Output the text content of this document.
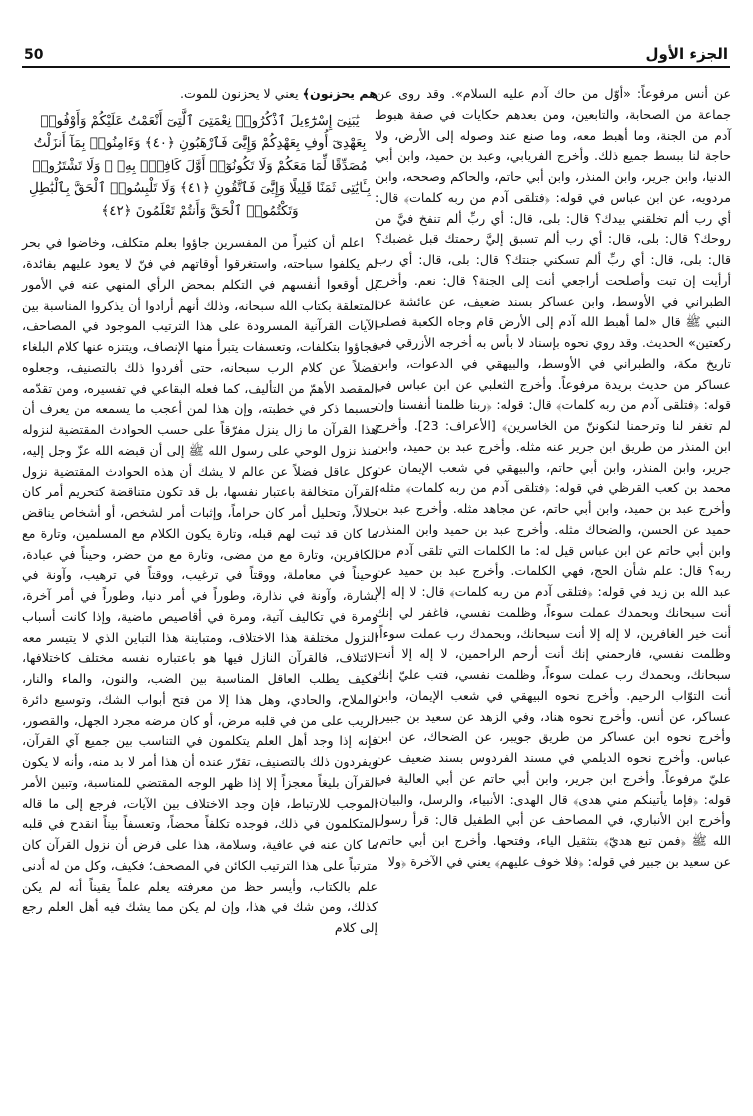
50	الجزء الأول

عن أنس مرفوعاً: «أوّل من حاك آدم عليه السلام». وقد روى عن جماعة من الصحابة، والتابعين، ومن بعدهم حكايات في صفة هبوط آدم من الجنة، وما أهبط معه، وما صنع عند وصوله إلى الأرض، ولا حاجة لنا ببسط جميع ذلك. وأخرج الفريابي، وعبد بن حميد، وابن أبي الدنيا، وابن جرير، وابن المنذر، وابن أبي حاتم، والحاكم وصححه، وابن مردويه، عن ابن عباس في قوله: ﴿فتلقى آدم من ربه كلمات﴾ قال: أي رب ألم تخلقني بيدك؟ قال: بلى، قال: أي ربِّ ألم تنفخ فيَّ من روحك؟ قال: بلى، قال: أي رب ألم تسبق إليَّ رحمتك قبل غضبك؟ قال: بلى، قال: أي ربِّ ألم تسكني جنتك؟ قال: بلى، قال: أي رب أرأيت إن تبت وأصلحت أراجعي أنت إلى الجنة؟ قال: نعم. وأخرج الطبراني في الأوسط، وابن عساكر بسند ضعيف، عن عائشة عن النبي ﷺ قال «لما أهبط الله آدم إلى الأرض قام وجاه الكعبة فصلى ركعتين» الحديث. وقد روي نحوه بإسناد لا بأس به أخرجه الأزرقي في تاريخ مكة، والطبراني في الأوسط، والبيهقي في الدعوات، وابن عساكر من حديث بريدة مرفوعاً. وأخرج الثعلبي عن ابن عباس في قوله: ﴿فتلقى آدم من ربه كلمات﴾ قال: قوله: ﴿ربنا ظلمنا أنفسنا وإن لم تغفر لنا وترحمنا لنكوننّ من الخاسرين﴾ [الأعراف: 23]. وأخرج ابن المنذر من طريق ابن جرير عنه مثله. وأخرج عبد بن حميد، وابن جرير، وابن المنذر، وابن أبي حاتم، والبيهقي في شعب الإيمان عن محمد بن كعب القرظي في قوله: ﴿فتلقى آدم من ربه كلمات﴾ مثله: وأخرج عبد بن حميد، وابن أبي حاتم، عن مجاهد مثله. وأخرج عبد بن حميد عن الحسن، والضحاك مثله. وأخرج عبد بن حميد وابن المنذر، وابن أبي حاتم عن ابن عباس قيل له: ما الكلمات التي تلقى آدم من ربه؟ قال: علم شأن الحج، فهي الكلمات. وأخرج عبد بن حميد عن عبد الله بن زيد في قوله: ﴿فتلقى آدم من ربه كلمات﴾ قال: لا إله إلا أنت سبحانك وبحمدك عملت سوءاً، وظلمت نفسي، فاغفر لي إنك أنت خير الغافرين، لا إله إلا أنت سبحانك، وبحمدك رب عملت سوءاً، وظلمت نفسي، فارحمني إنك أنت أرحم الراحمين، لا إله إلا أنت سبحانك، وبحمدك رب عملت سوءاً، وظلمت نفسي، فتب عليّ إنك أنت التوّاب الرحيم. وأخرج نحوه البيهقي في شعب الإيمان، وابن عساكر، عن أنس. وأخرج نحوه هناد، وفي الزهد عن سعيد بن جبير. وأخرج نحوه ابن عساكر من طريق جويبر، عن الضحاك، عن ابن عباس. وأخرج نحوه الديلمي في مسند الفردوس بسند ضعيف عن عليّ مرفوعاً. وأخرج ابن جرير، وابن أبي حاتم عن أبي العالية في قوله: ﴿فإما يأتينكم مني هدى﴾ قال الهدى: الأنبياء، والرسل، والبيان. وأخرج ابن الأنباري، في المصاحف عن أبي الطفيل قال: قرأ رسول الله ﷺ ﴿فمن تبع هديّ﴾ بتثقيل الياء، وفتحها. وأخرج ابن أبي حاتم، عن سعيد بن جبير في قوله: ﴿فلا خوف عليهم﴾ يعني في الآخرة ﴿ولا

هم يحزنون﴾ يعني لا يحزنون للموت.

يَٰبَنِىٓ إِسْرَٰٓءِيلَ ٱذْكُرُوا۟ نِعْمَتِىَ ٱلَّتِىٓ أَنْعَمْتُ عَلَيْكُمْ وَأَوْفُوا۟ بِعَهْدِىٓ أُوفِ بِعَهْدِكُمْ وَإِيَّٰىَ فَٱرْهَبُونِ ﴿٤٠﴾ وَءَامِنُوا۟ بِمَآ أَنزَلْتُ مُصَدِّقًا لِّمَا مَعَكُمْ وَلَا تَكُونُوٓا۟ أَوَّلَ كَافِرٍۭ بِهِۦ ۖ وَلَا تَشْتَرُوا۟ بِـَٔايَٰتِى ثَمَنًا قَلِيلًا وَإِيَّٰىَ فَٱتَّقُونِ ﴿٤١﴾ وَلَا تَلْبِسُوا۟ ٱلْحَقَّ بِٱلْبَٰطِلِ وَتَكْتُمُوا۟ ٱلْحَقَّ وَأَنتُمْ تَعْلَمُونَ ﴿٤٢﴾

اعلم أن كثيراً من المفسرين جاؤوا بعلم متكلف، وخاضوا في بحر لم يكلفوا سباحته، واستغرقوا أوقاتهم في فنّ لا يعود عليهم بفائدة، بل أوقعوا أنفسهم في التكلم بمحض الرأي المنهي عنه في الأمور المتعلقة بكتاب الله سبحانه، وذلك أنهم أرادوا أن يذكروا المناسبة بين الآيات القرآنية المسرودة على هذا الترتيب الموجود في المصاحف، فجاؤوا بتكلفات، وتعسفات يتبرأ منها الإنصاف، ويتنزه عنها كلام البلغاء فضلاً عن كلام الرب سبحانه، حتى أفردوا ذلك بالتصنيف، وجعلوه المقصد الأهمّ من التأليف، كما فعله البقاعي في تفسيره، ومن تقدّمه حسبما ذكر في خطبته، وإن هذا لمن أعجب ما يسمعه من يعرف أن هذا القرآن ما زال ينزل مفرّقاً على حسب الحوادث المقتضية لنزوله منذ نزول الوحي على رسول الله ﷺ إلى أن قبضه الله عزّ وجل إليه، وكل عاقل فضلاً عن عالم لا يشك أن هذه الحوادث المقتضية نزول القرآن متخالفة باعتبار نفسها، بل قد تكون متناقضة كتحريم أمر كان حلالاً، وتحليل أمر كان حراماً، وإثبات أمر لشخص، أو أشخاص يناقض ما كان قد ثبت لهم قبله، وتارة يكون الكلام مع المسلمين، وتارة مع الكافرين، وتارة مع من مضى، وتارة مع من حضر، وحيناً في عبادة، وحيناً في معاملة، ووقتاً في ترغيب، ووقتاً في ترهيب، وآونة في بشارة، وآونة في نذارة، وطوراً في أمر دنيا، وطوراً في أمر آخرة، ومرة في تكاليف آتية، ومرة في أقاصيص ماضية، وإذا كانت أسباب النزول مختلفة هذا الاختلاف، ومتباينة هذا التباين الذي لا يتيسر معه الائتلاف، فالقرآن النازل فيها هو باعتباره نفسه مختلف كاختلافها، فكيف يطلب العاقل المناسبة بين الضب، والنون، والماء والنار، والملاح، والحادي، وهل هذا إلا من فتح أبواب الشك، وتوسيع دائرة الريب على من في قلبه مرض، أو كان مرضه مجرد الجهل، والقصور، فإنه إذا وجد أهل العلم يتكلمون في التناسب بين جميع آي القرآن، ويفردون ذلك بالتصنيف، تقرّر عنده أن هذا أمر لا بد منه، وأنه لا يكون القرآن بليغاً معجزاً إلا إذا ظهر الوجه المقتضي للمناسبة، وتبين الأمر الموجب للارتباط، فإن وجد الاختلاف بين الآيات، فرجع إلى ما قاله المتكلمون في ذلك، فوجده تكلفاً محضاً، وتعسفاً بيناً انقدح في قلبه ما كان عنه في عافية، وسلامة، هذا على فرض أن نزول القرآن كان مترتباً على هذا الترتيب الكائن في المصحف؛ فكيف، وكل من له أدنى علم بالكتاب، وأيسر حظ من معرفته يعلم علماً يقيناً أنه لم يكن كذلك، ومن شك في هذا، وإن لم يكن مما يشك فيه أهل العلم رجع إلى كلام
